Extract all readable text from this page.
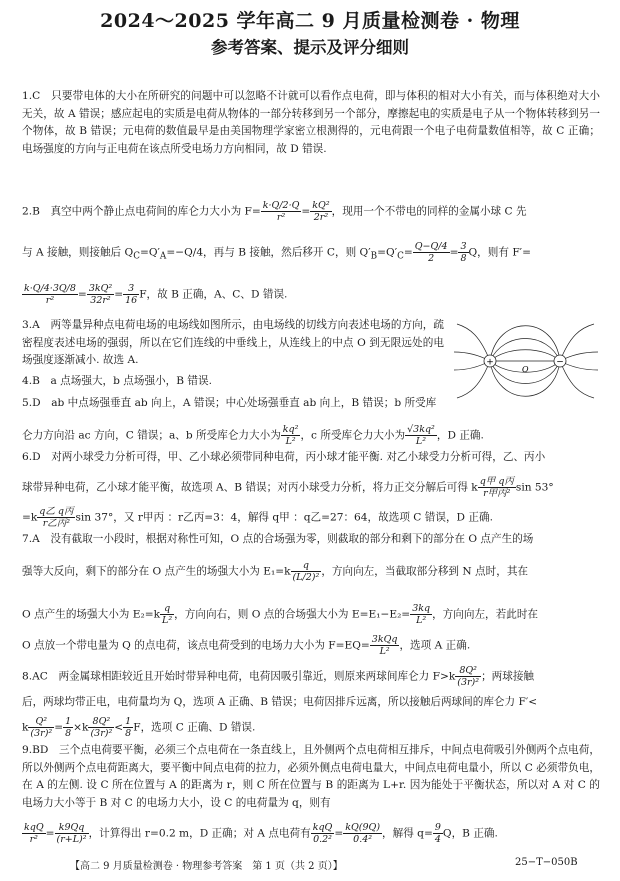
2024～2025 学年高二 9 月质量检测卷 · 物理
参考答案、提示及评分细则
1.C　只要带电体的大小在所研究的问题中可以忽略不计就可以看作点电荷，即与体积的相对大小有关，而与体积绝对大小无关，故 A 错误；感应起电的实质是电荷从物体的一部分转移到另一个部分，摩擦起电的实质是电子从一个物体转移到另一个物体，故 B 错误；元电荷的数值最早是由美国物理学家密立根测得的，元电荷跟一个电子电荷量数值相等，故 C 正确；电场强度的方向与正电荷在该点所受电场力方向相同，故 D 错误.
2.B　真空中两个静止点电荷间的库仑力大小为 $F= \frac{k\cdot Q/2\cdot Q}{\text{r²}} = \frac{\text{kQ²}}{\text{2r²}}$ ，现用一个不带电的同样的金属小球 C 先
与 A 接触，则接触后 $Q_C=Q'_A=-Q/4$，再与 B 接触，然后移开 C，则 $Q'_B=Q'_C= \frac{Q-Q/4}{2} = \frac{3}{8}$ Q，则有 F′=
$\frac{k\cdot Q/4\cdot 3Q/8}{\text{r²}} = \frac{\text{3kQ²}}{\text{32r²}} = \frac{3}{16}$ F，故 B 正确，A、C、D 错误.
3.A　两等量异种点电荷电场的电场线如图所示，由电场线的切线方向表述电场的方向，疏密程度表述电场的强弱，所以在它们连线的中垂线上，从连线上的中点 O 到无限远处的电场强度逐渐减小. 故选 A.	+	−
O
4.B　a 点场强大，b 点场强小，B 错误.
5.D　ab 中点场强垂直 ab 向上，A 错误；中心处场强垂直 ab 向上，B 错误；b 所受库
仑力方向沿 ac 方向，C 错误；a、b 所受库仑力大小为 $\frac{\text{kq²}}{\text{L²}}$ ，c 所受库仑力大小为 $\frac{\text{√3kq²}}{\text{L²}}$ ，D 正确.
6.D　对两小球受力分析可得，甲、乙小球必须带同种电荷，丙小球才能平衡. 对乙小球受力分析可得，乙、丙小
球带异种电荷，乙小球才能平衡，故选项 A、B 错误；对丙小球受力分析，将力正交分解后可得 k $\frac{\text{q甲 q丙}}{\text{r甲丙²}}$ sin 53°
$=k \frac{\text{q乙 q丙}}{\text{r乙丙²}}$ sin 37°，又 r甲丙 ：r乙丙=3：4，解得 q甲 ：q乙=27：64，故选项 C 错误，D 正确.
7.A　没有截取一小段时，根据对称性可知，O 点的合场强为零，则截取的部分和剩下的部分在 O 点产生的场
强等大反向，剩下的部分在 O 点产生的场强大小为 $E_1=k \frac{q}{\text{(L/2)²}}$ ，方向向左，当截取部分移到 N 点时，其在
O 点产生的场强大小为 $E_2=k \frac{q}{\text{L²}}$ ，方向向右，则 O 点的合场强大小为 $E=E_1-E_2= \frac{3kq}{\text{L²}}$ ，方向向左，若此时在
O 点放一个带电量为 Q 的点电荷，该点电荷受到的电场力大小为 $F=EQ= \frac{\text{3kQq}}{\text{L²}}$ ，选项 A 正确.
8.AC　两金属球相距较近且开始时带异种电荷，电荷因吸引靠近，则原来两球间库仑力 $F>k \frac{\text{8Q²}}{\text{(3r)²}}$ ；两球接触
后，两球均带正电，电荷量均为 Q，选项 A 正确、B 错误；电荷因排斥远离，所以接触后两球间的库仑力 F′<
k $\frac{\text{Q²}}{\text{(3r)²}} = \frac{1}{8} \times k \frac{\text{8Q²}}{\text{(3r)²}} < \frac{1}{8}$ F，选项 C 正确、D 错误.
9.BD　三个点电荷要平衡，必须三个点电荷在一条直线上，且外侧两个点电荷相互排斥，中间点电荷吸引外侧两个点电荷，所以外侧两个点电荷距离大，要平衡中间点电荷的拉力，必须外侧点电荷电量大，中间点电荷电量小，所以 C 必须带负电，在 A 的左侧. 设 C 所在位置与 A 的距离为 r，则 C 所在位置与 B 的距离为 L+r. 因为能处于平衡状态，所以对 A 对 C 的电场力大小等于 B 对 C 的电场力大小，设 C 的电荷量为 q，则有
$\frac{\text{kqQ}}{\text{r²}} = \frac{k9Qq}{\text{(r+L)²}}$ ，计算得出 r=0.2 m，D 正确；对 A 点电荷有 $\frac{\text{kqQ}}{\text{0.2²}} = \frac{kQ(9Q)}{\text{0.4²}}$ ，解得 $q= \frac{9}{4}$ Q，B 正确.
【高二 9 月质量检测卷 · 物理参考答案　第 1 页（共 2 页）】	25−T−050B
